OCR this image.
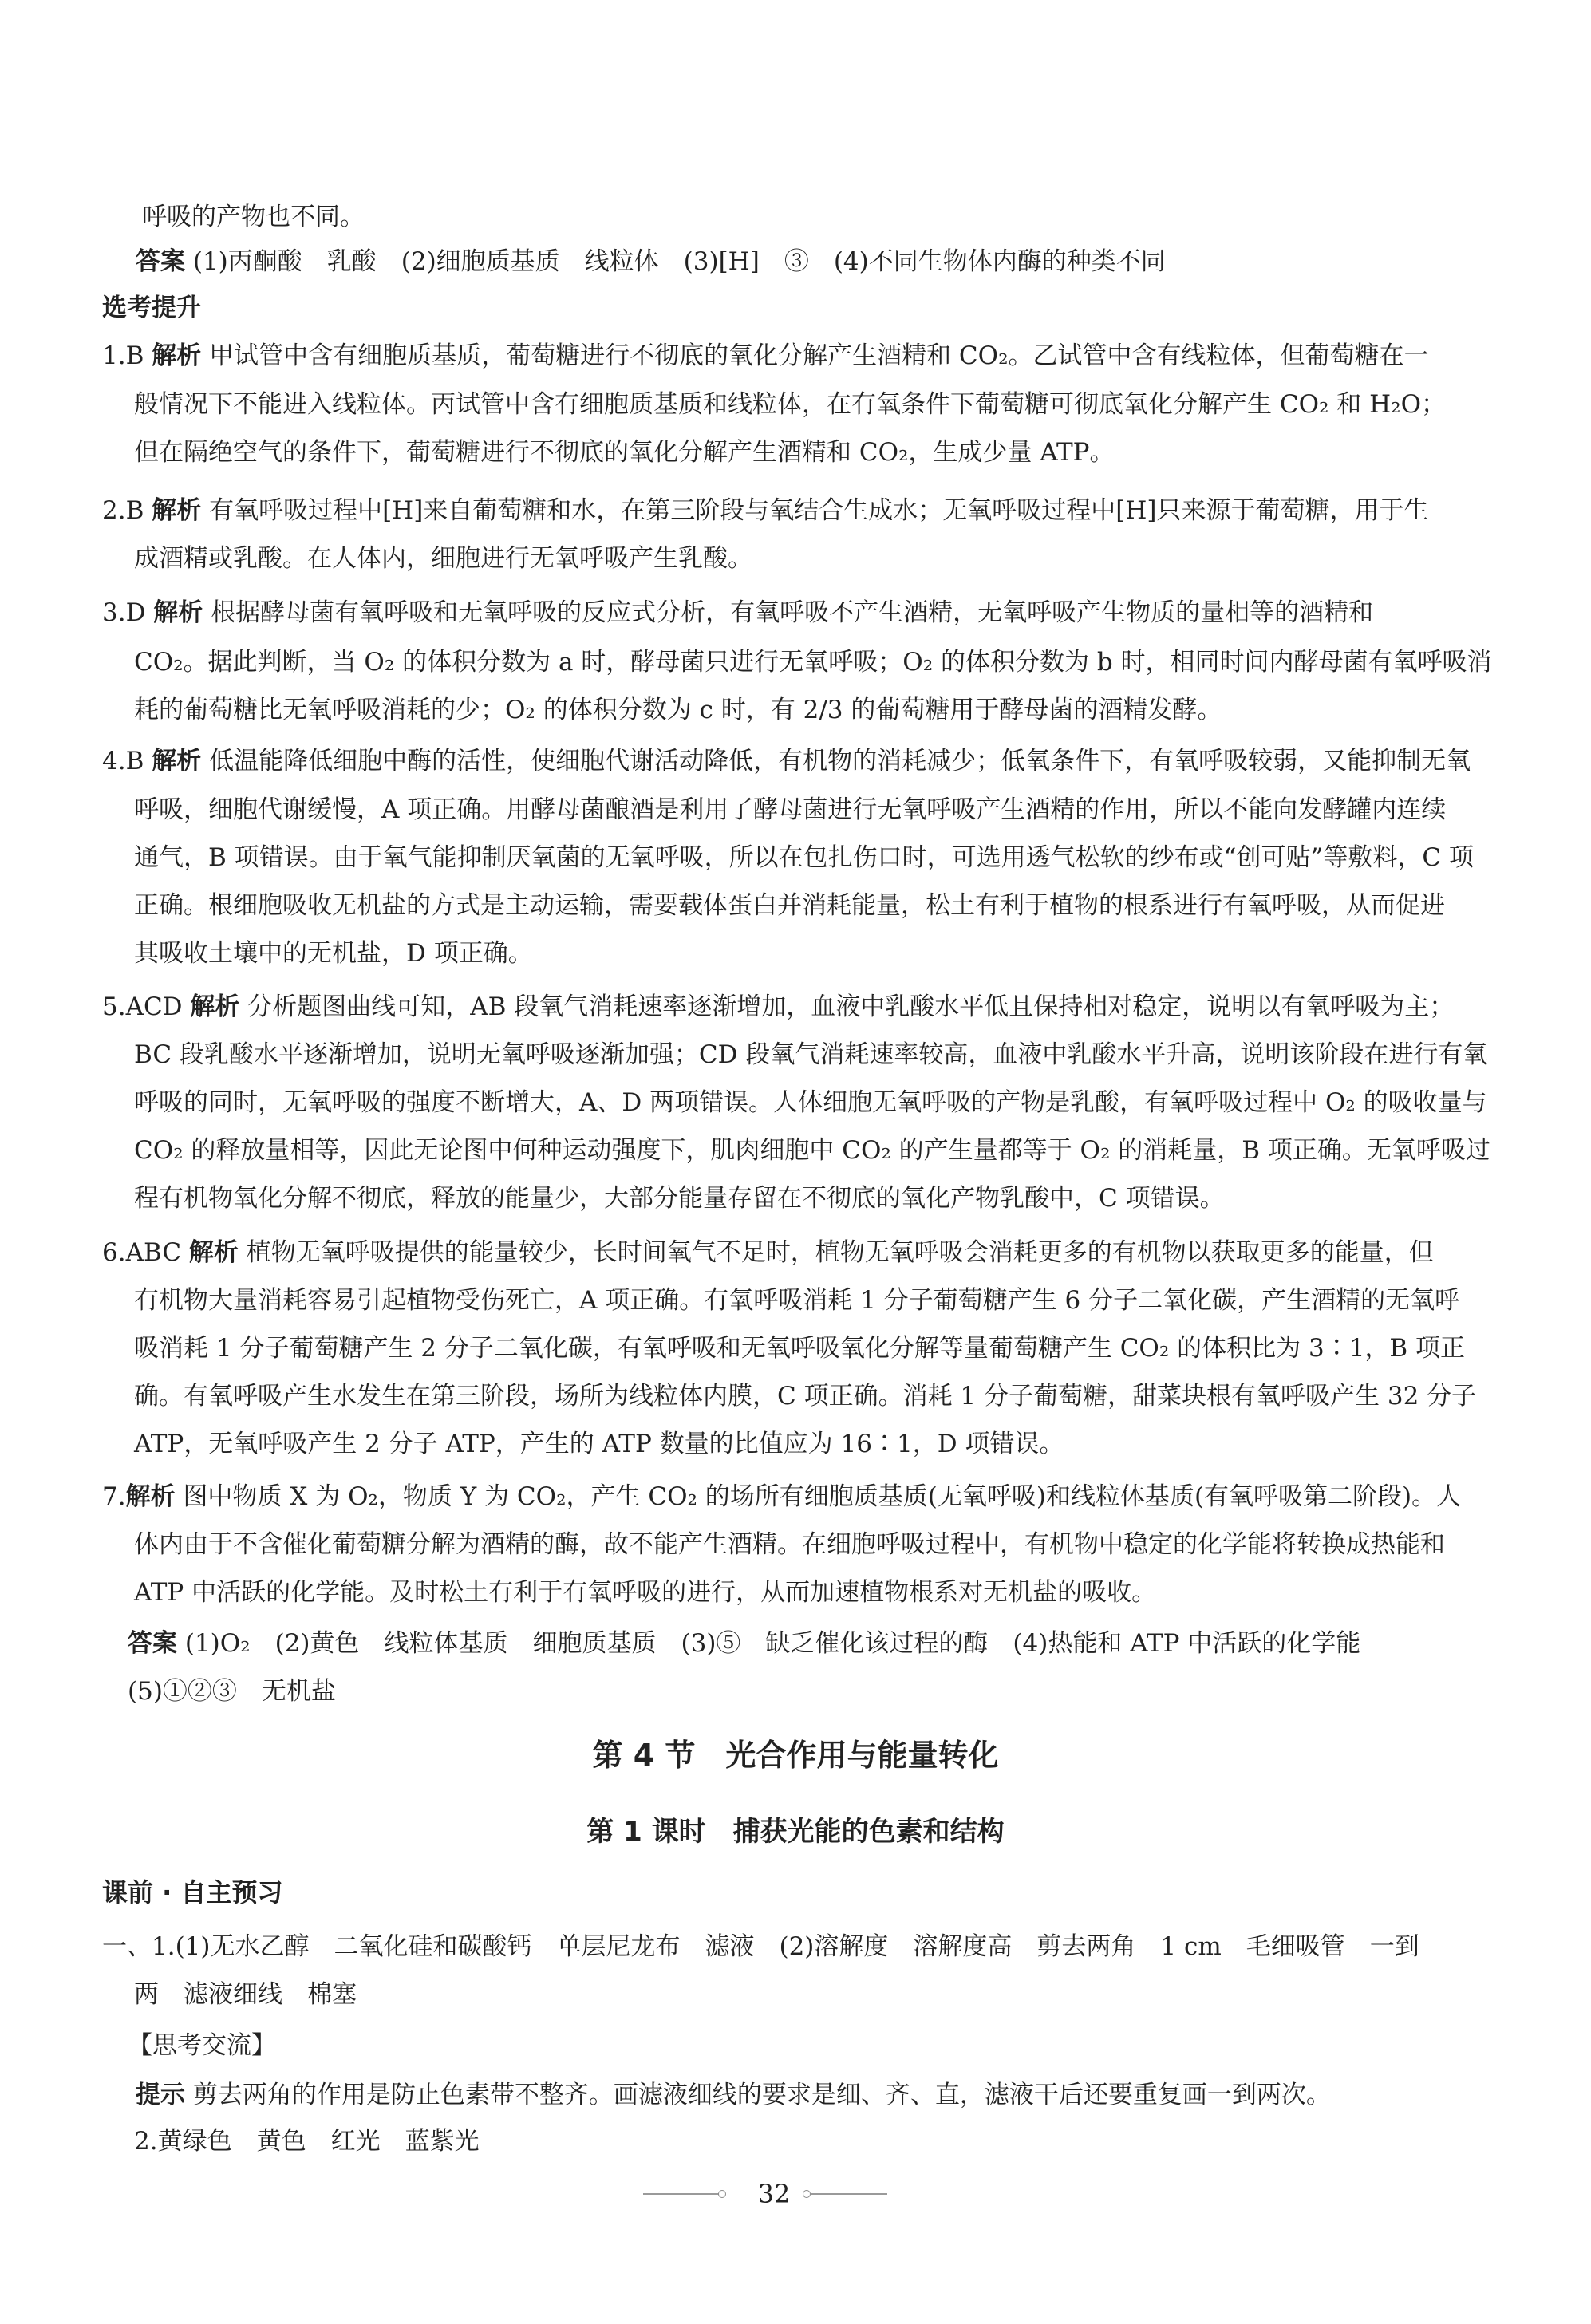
呼吸的产物也不同。
答案 (1)丙酮酸　乳酸　(2)细胞质基质　线粒体　(3)[H]　③　(4)不同生物体内酶的种类不同
选考提升
1.B 解析 甲试管中含有细胞质基质，葡萄糖进行不彻底的氧化分解产生酒精和 CO₂。乙试管中含有线粒体，但葡萄糖在一
般情况下不能进入线粒体。丙试管中含有细胞质基质和线粒体，在有氧条件下葡萄糖可彻底氧化分解产生 CO₂ 和 H₂O；
但在隔绝空气的条件下，葡萄糖进行不彻底的氧化分解产生酒精和 CO₂，生成少量 ATP。
2.B 解析 有氧呼吸过程中[H]来自葡萄糖和水，在第三阶段与氧结合生成水；无氧呼吸过程中[H]只来源于葡萄糖，用于生
成酒精或乳酸。在人体内，细胞进行无氧呼吸产生乳酸。
3.D 解析 根据酵母菌有氧呼吸和无氧呼吸的反应式分析，有氧呼吸不产生酒精，无氧呼吸产生物质的量相等的酒精和
CO₂。据此判断，当 O₂ 的体积分数为 a 时，酵母菌只进行无氧呼吸；O₂ 的体积分数为 b 时，相同时间内酵母菌有氧呼吸消
耗的葡萄糖比无氧呼吸消耗的少；O₂ 的体积分数为 c 时，有 2/3 的葡萄糖用于酵母菌的酒精发酵。
4.B 解析 低温能降低细胞中酶的活性，使细胞代谢活动降低，有机物的消耗减少；低氧条件下，有氧呼吸较弱，又能抑制无氧
呼吸，细胞代谢缓慢，A 项正确。用酵母菌酿酒是利用了酵母菌进行无氧呼吸产生酒精的作用，所以不能向发酵罐内连续
通气，B 项错误。由于氧气能抑制厌氧菌的无氧呼吸，所以在包扎伤口时，可选用透气松软的纱布或“创可贴”等敷料，C 项
正确。根细胞吸收无机盐的方式是主动运输，需要载体蛋白并消耗能量，松土有利于植物的根系进行有氧呼吸，从而促进
其吸收土壤中的无机盐，D 项正确。
5.ACD 解析 分析题图曲线可知，AB 段氧气消耗速率逐渐增加，血液中乳酸水平低且保持相对稳定，说明以有氧呼吸为主；
BC 段乳酸水平逐渐增加，说明无氧呼吸逐渐加强；CD 段氧气消耗速率较高，血液中乳酸水平升高，说明该阶段在进行有氧
呼吸的同时，无氧呼吸的强度不断增大，A、D 两项错误。人体细胞无氧呼吸的产物是乳酸，有氧呼吸过程中 O₂ 的吸收量与
CO₂ 的释放量相等，因此无论图中何种运动强度下，肌肉细胞中 CO₂ 的产生量都等于 O₂ 的消耗量，B 项正确。无氧呼吸过
程有机物氧化分解不彻底，释放的能量少，大部分能量存留在不彻底的氧化产物乳酸中，C 项错误。
6.ABC 解析 植物无氧呼吸提供的能量较少，长时间氧气不足时，植物无氧呼吸会消耗更多的有机物以获取更多的能量，但
有机物大量消耗容易引起植物受伤死亡，A 项正确。有氧呼吸消耗 1 分子葡萄糖产生 6 分子二氧化碳，产生酒精的无氧呼
吸消耗 1 分子葡萄糖产生 2 分子二氧化碳，有氧呼吸和无氧呼吸氧化分解等量葡萄糖产生 CO₂ 的体积比为 3∶1，B 项正
确。有氧呼吸产生水发生在第三阶段，场所为线粒体内膜，C 项正确。消耗 1 分子葡萄糖，甜菜块根有氧呼吸产生 32 分子
ATP，无氧呼吸产生 2 分子 ATP，产生的 ATP 数量的比值应为 16∶1，D 项错误。
7.解析 图中物质 X 为 O₂，物质 Y 为 CO₂，产生 CO₂ 的场所有细胞质基质(无氧呼吸)和线粒体基质(有氧呼吸第二阶段)。人
体内由于不含催化葡萄糖分解为酒精的酶，故不能产生酒精。在细胞呼吸过程中，有机物中稳定的化学能将转换成热能和
ATP 中活跃的化学能。及时松土有利于有氧呼吸的进行，从而加速植物根系对无机盐的吸收。
答案 (1)O₂　(2)黄色　线粒体基质　细胞质基质　(3)⑤　缺乏催化该过程的酶　(4)热能和 ATP 中活跃的化学能
(5)①②③　无机盐
第 4 节　光合作用与能量转化
第 1 课时　捕获光能的色素和结构
课前 · 自主预习
一、1.(1)无水乙醇　二氧化硅和碳酸钙　单层尼龙布　滤液　(2)溶解度　溶解度高　剪去两角　1 cm　毛细吸管　一到
两　滤液细线　棉塞
【思考交流】
提示 剪去两角的作用是防止色素带不整齐。画滤液细线的要求是细、齐、直，滤液干后还要重复画一到两次。
2.黄绿色　黄色　红光　蓝紫光
32
